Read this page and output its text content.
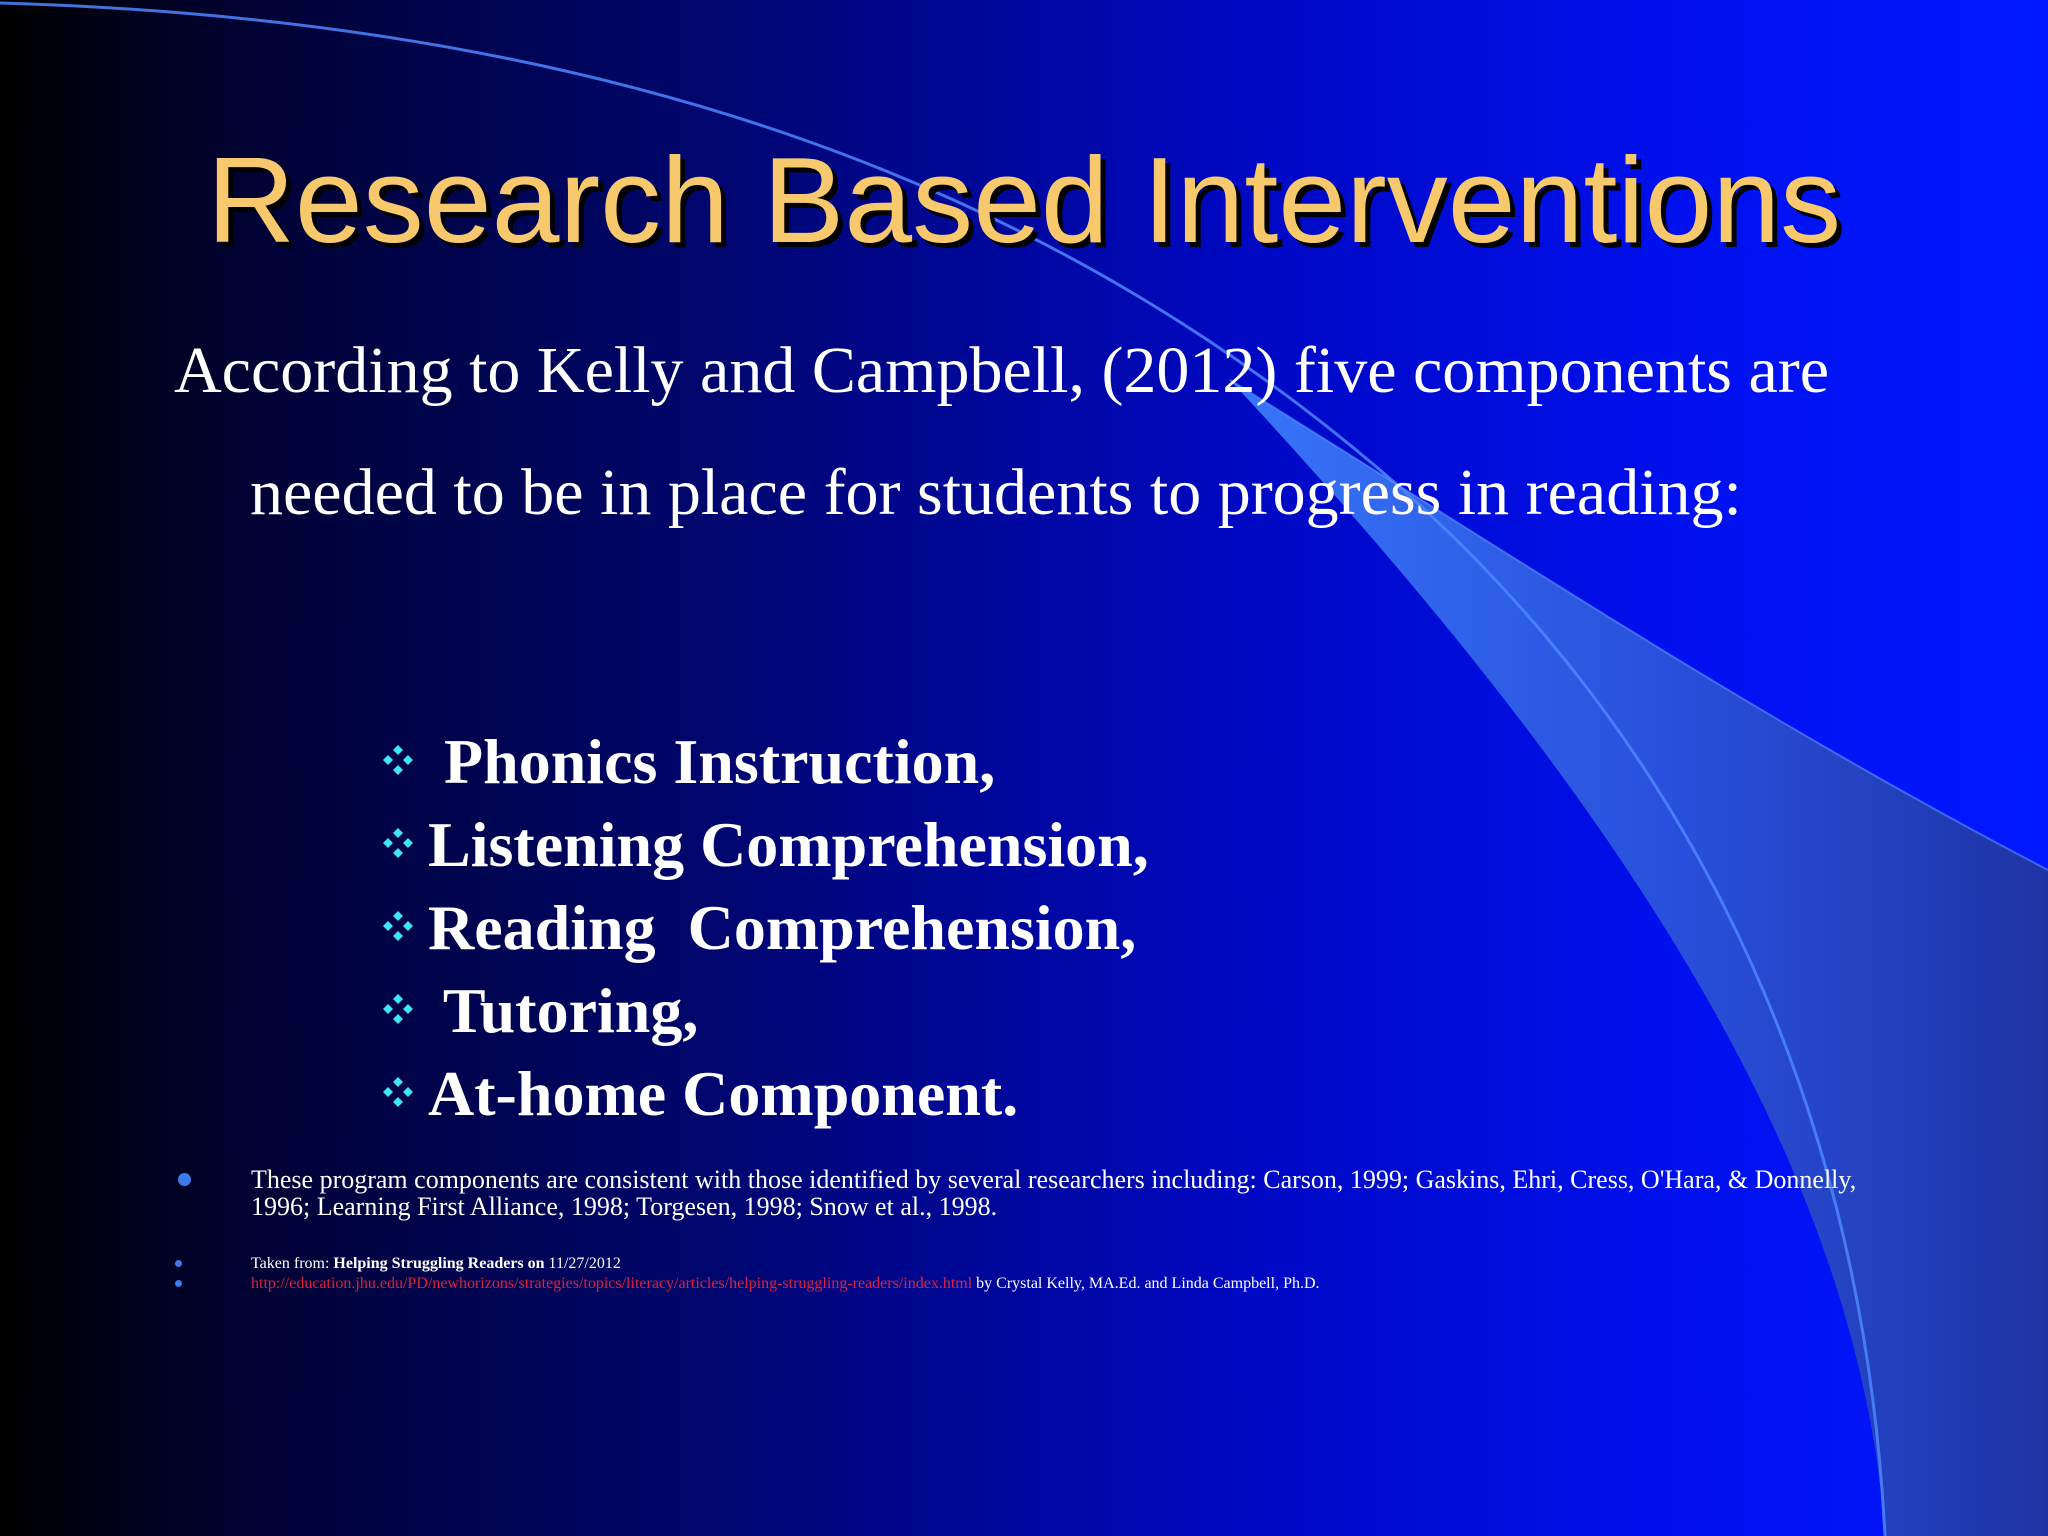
Research Based Interventions
According to Kelly and Campbell, (2012) five components are needed to be in place for students to progress in reading:
Phonics Instruction,
Listening Comprehension,
Reading  Comprehension,
Tutoring,
At-home Component.
These program components are consistent with those identified by several researchers including: Carson, 1999; Gaskins, Ehri, Cress, O'Hara, & Donnelly, 1996; Learning First Alliance, 1998; Torgesen, 1998; Snow et al., 1998.
Taken from: Helping Struggling Readers on 11/27/2012
http://education.jhu.edu/PD/newhorizons/strategies/topics/literacy/articles/helping-struggling-readers/index.html by Crystal Kelly, MA.Ed. and Linda Campbell, Ph.D.
